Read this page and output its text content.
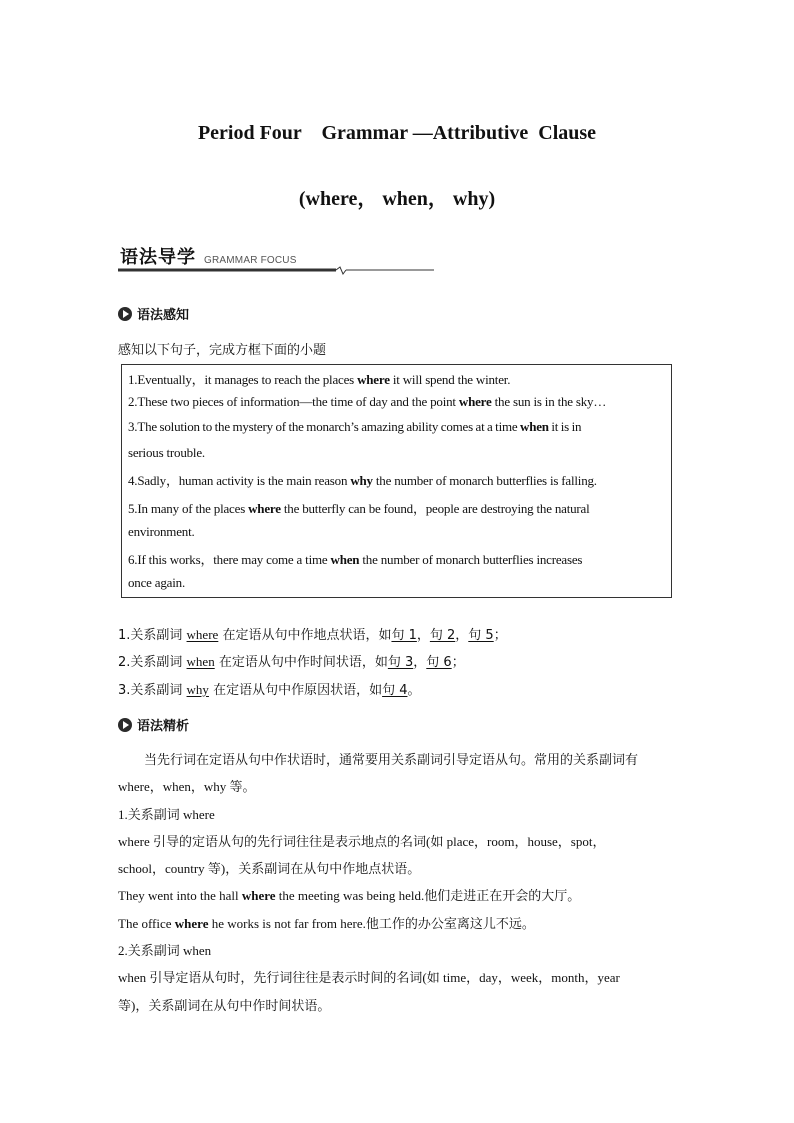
Period Four    Grammar —Attributive  Clause
(where， when， why)
语法导学 GRAMMAR FOCUS
语法感知
感知以下句子，完成方框下面的小题
1.Eventually，it manages to reach the places where it will spend the winter.
2.These two pieces of information—the time of day and the point where the sun is in the sky…
3.The solution to the mystery of the monarch’s amazing ability comes at a time when it is in
serious trouble.
4.Sadly，human activity is the main reason why the number of monarch butterflies is falling.
5.In many of the places where the butterfly can be found，people are destroying the natural
environment.
6.If this works，there may come a time when the number of monarch butterflies increases
once again.
1.关系副词 where 在定语从句中作地点状语，如句 1，句 2，句 5；
2.关系副词 when 在定语从句中作时间状语，如句 3，句 6；
3.关系副词 why 在定语从句中作原因状语，如句 4。
语法精析
当先行词在定语从句中作状语时，通常要用关系副词引导定语从句。常用的关系副词有
where，when，why 等。
1.关系副词 where
where 引导的定语从句的先行词往往是表示地点的名词(如 place，room，house，spot，
school，country 等)，关系副词在从句中作地点状语。
They went into the hall where the meeting was being held.他们走进正在开会的大厅。
The office where he works is not far from here.他工作的办公室离这儿不远。
2.关系副词 when
when 引导定语从句时，先行词往往是表示时间的名词(如 time，day，week，month，year
等)，关系副词在从句中作时间状语。
